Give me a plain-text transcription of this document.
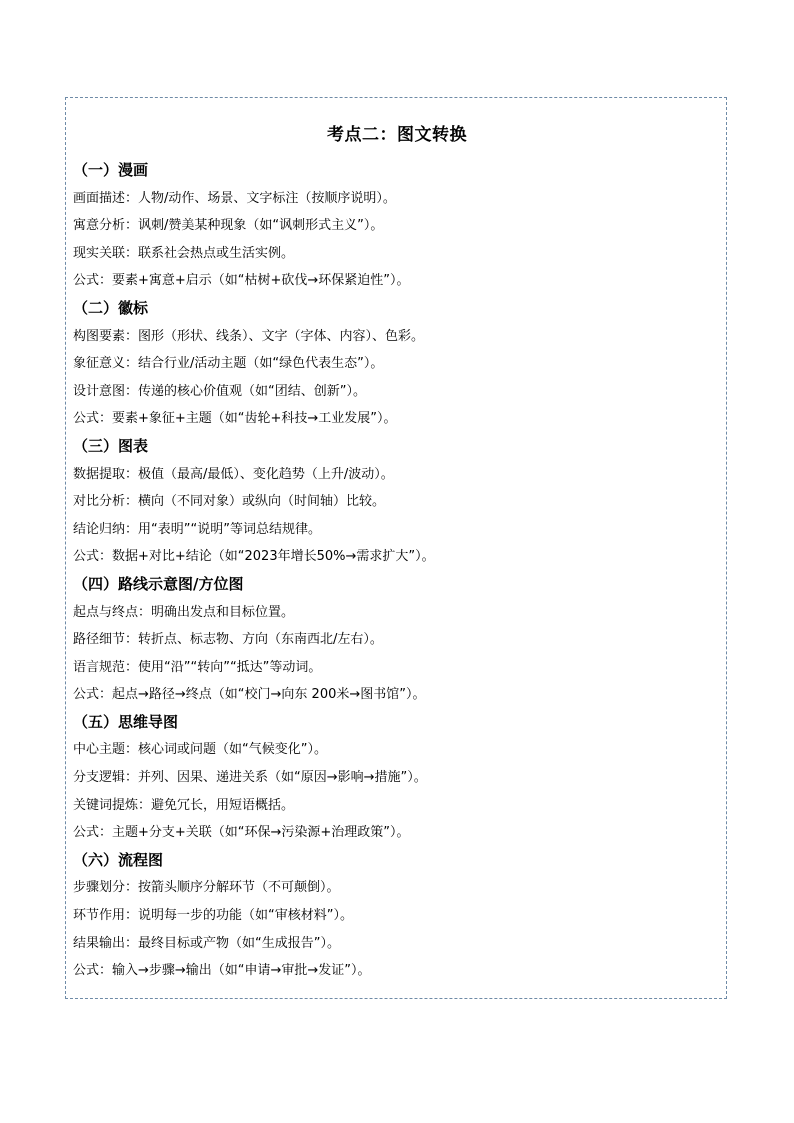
考点二：图文转换
（一）漫画
画面描述：人物/动作、场景、文字标注（按顺序说明）。
寓意分析：讽刺/赞美某种现象（如“讽刺形式主义”）。
现实关联：联系社会热点或生活实例。
公式：要素+寓意+启示（如“枯树+砍伐→环保紧迫性”）。
（二）徽标
构图要素：图形（形状、线条）、文字（字体、内容）、色彩。
象征意义：结合行业/活动主题（如“绿色代表生态”）。
设计意图：传递的核心价值观（如“团结、创新”）。
公式：要素+象征+主题（如“齿轮+科技→工业发展”）。
（三）图表
数据提取：极值（最高/最低）、变化趋势（上升/波动）。
对比分析：横向（不同对象）或纵向（时间轴）比较。
结论归纳：用“表明”“说明”等词总结规律。
公式：数据+对比+结论（如“2023年增长50%→需求扩大”）。
（四）路线示意图/方位图
起点与终点：明确出发点和目标位置。
路径细节：转折点、标志物、方向（东南西北/左右）。
语言规范：使用“沿”“转向”“抵达”等动词。
公式：起点→路径→终点（如“校门→向东 200米→图书馆”）。
（五）思维导图
中心主题：核心词或问题（如“气候变化”）。
分支逻辑：并列、因果、递进关系（如“原因→影响→措施”）。
关键词提炼：避免冗长，用短语概括。
公式：主题+分支+关联（如“环保→污染源+治理政策”）。
（六）流程图
步骤划分：按箭头顺序分解环节（不可颠倒）。
环节作用：说明每一步的功能（如“审核材料”）。
结果输出：最终目标或产物（如“生成报告”）。
公式：输入→步骤→输出（如“申请→审批→发证”）。
